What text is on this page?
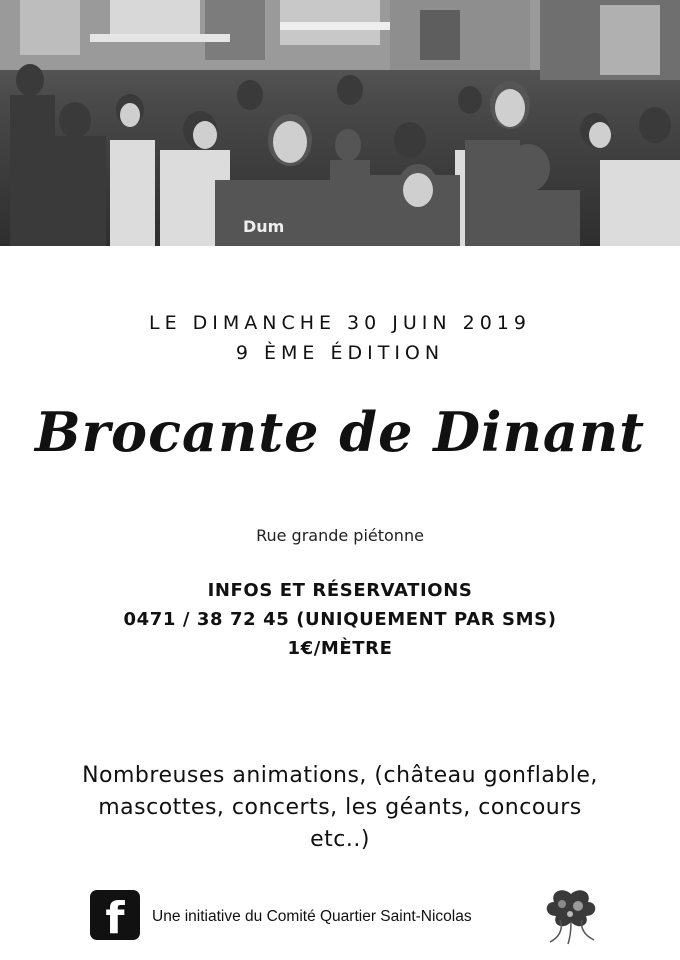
Dum
LE DIMANCHE 30 JUIN 2019
9 ÈME ÉDITION
Brocante de Dinant
Rue grande piétonne
INFOS ET RÉSERVATIONS
0471 / 38 72 45 (UNIQUEMENT PAR SMS)
1€/MÈTRE
Nombreuses animations, (château gonflable,
mascottes, concerts, les géants, concours
etc..)
f	Une initiative du Comité Quartier Saint-Nicolas
